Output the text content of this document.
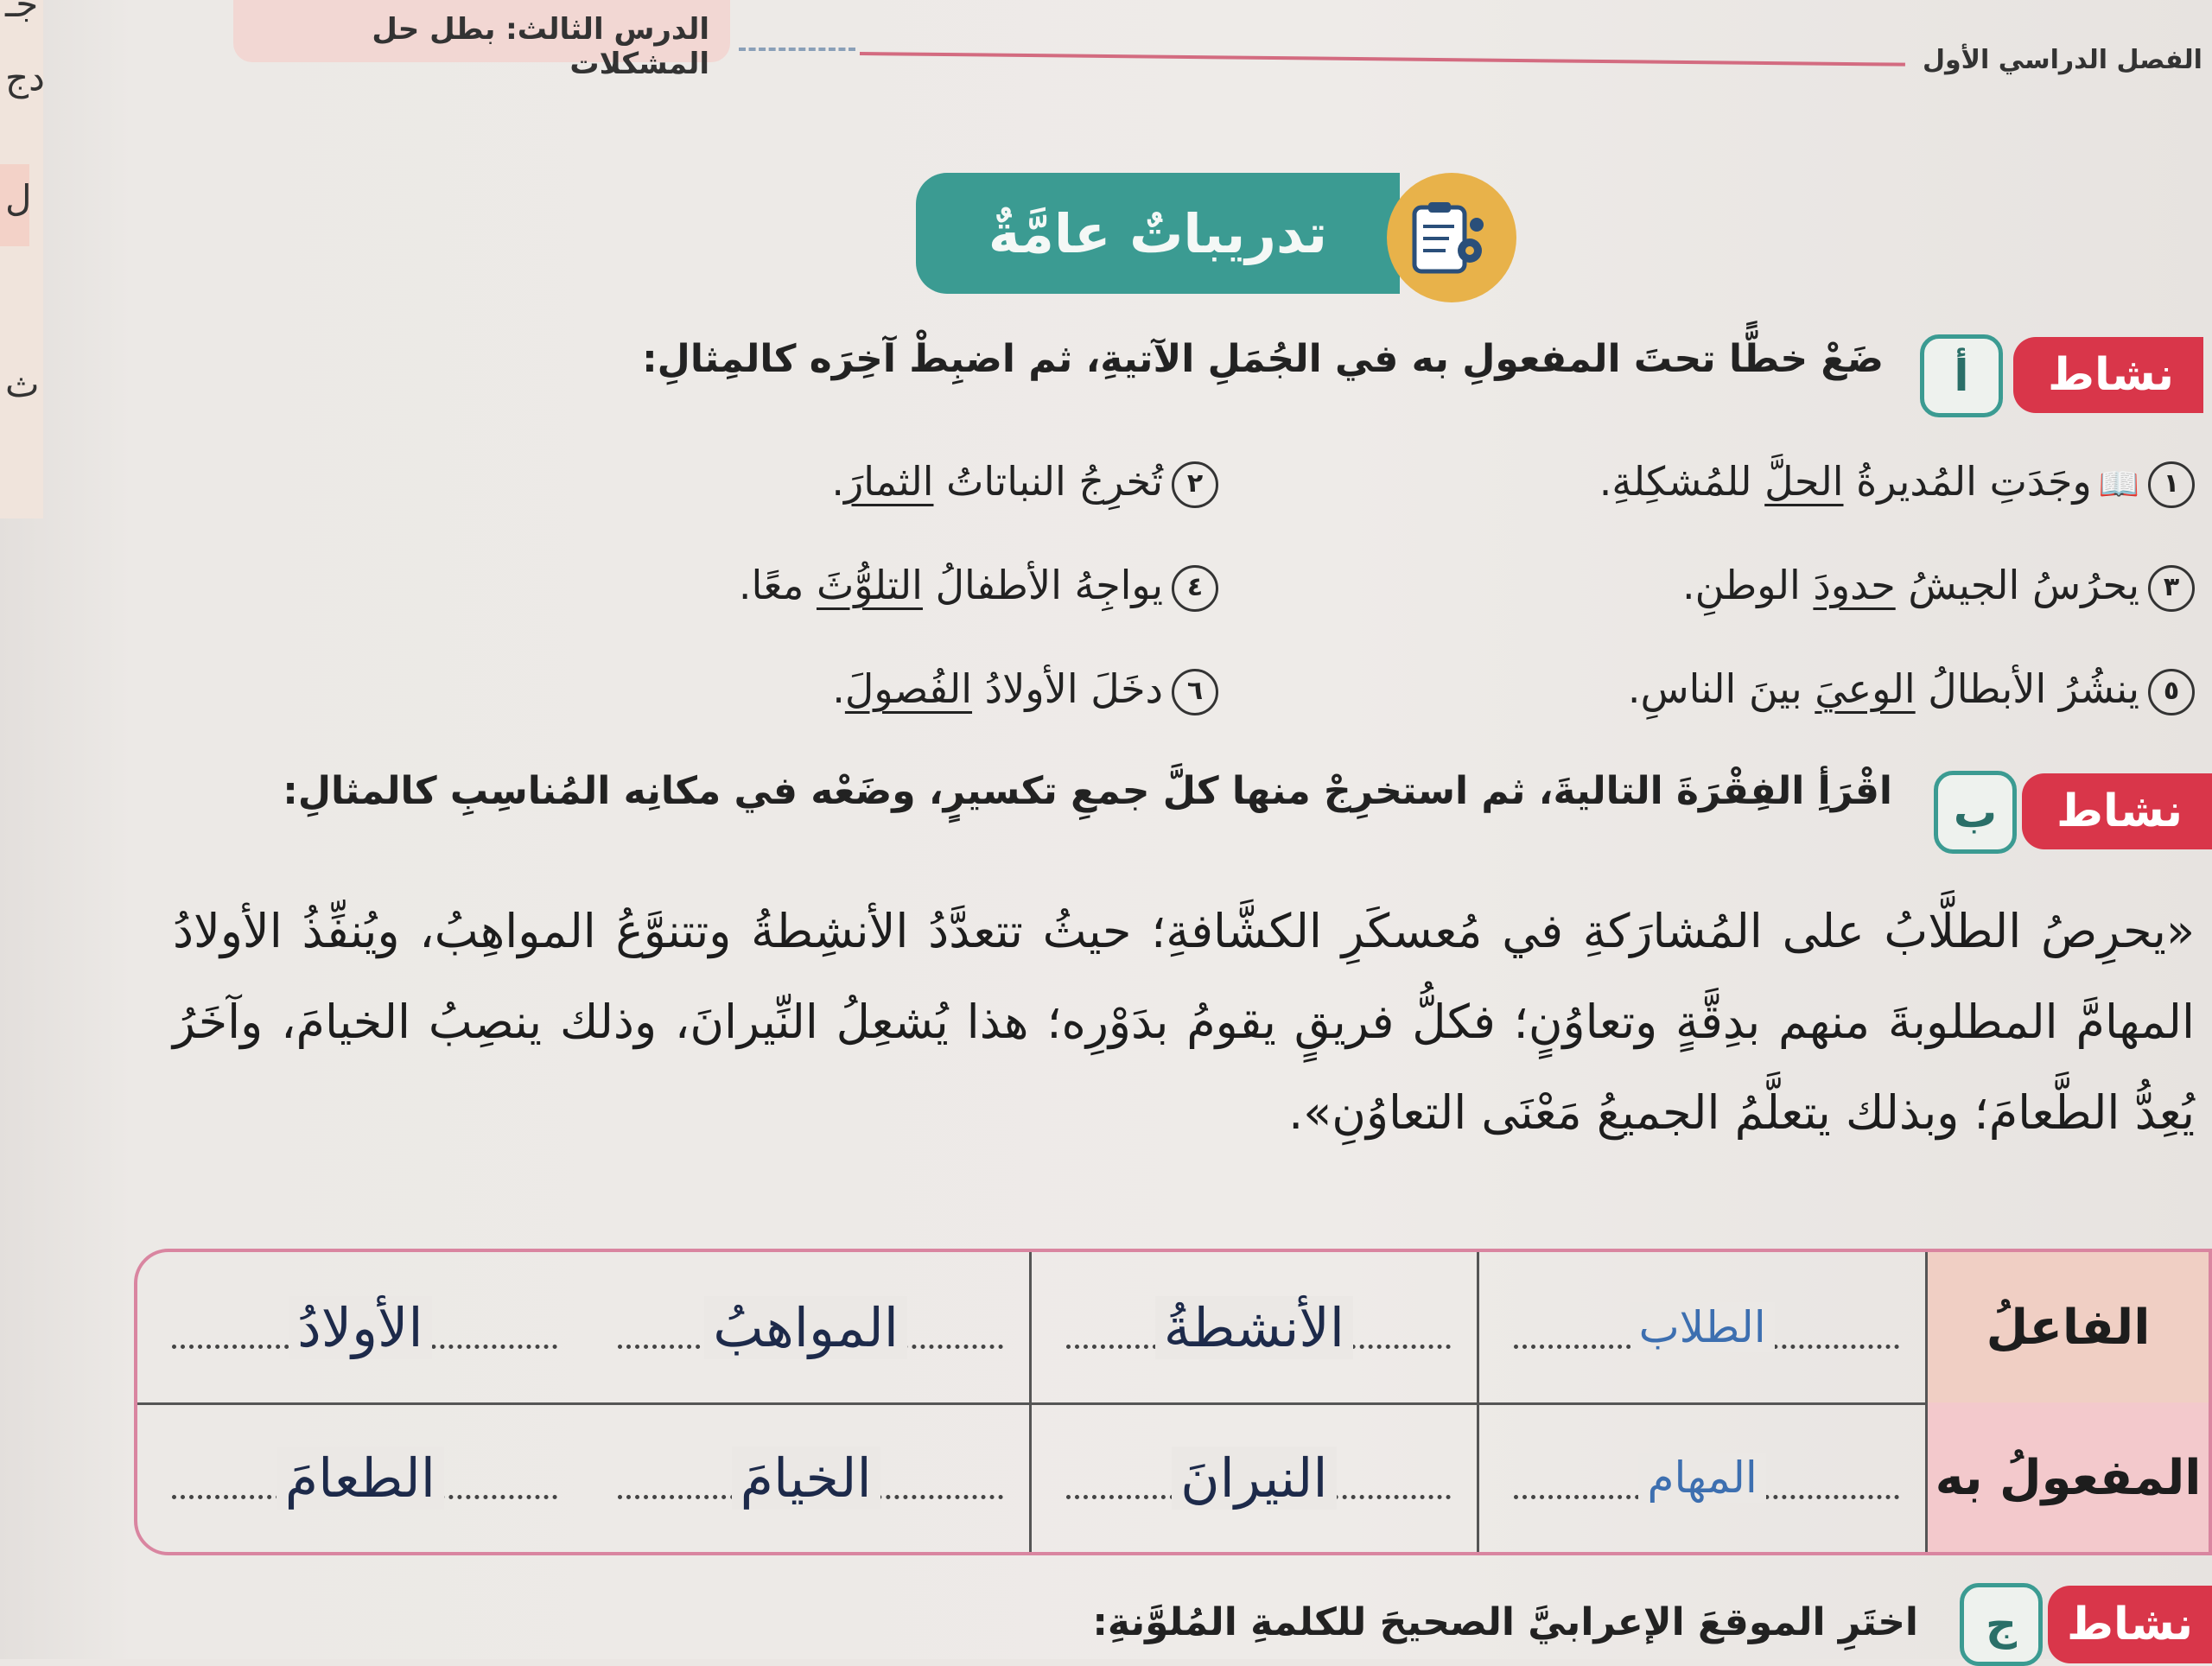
جـ
دج
ل
ث
الدرس الثالث: بطل حل المشكلات	الفصل الدراسي الأول
تدريباتٌ عامَّةٌ
نشاط
أ
ضَعْ خطًّا تحتَ المفعولِ به في الجُمَلِ الآتيةِ، ثم اضبِطْ آخِرَه كالمِثالِ:
١📖وجَدَتِ المُديرةُ الحلَّ للمُشكِلةِ.
٢تُخرِجُ النباتاتُ الثمارَ.
٣يحرُسُ الجيشُ حدودَ الوطنِ.
٤يواجِهُ الأطفالُ التلوُّثَ معًا.
٥ينشُرُ الأبطالُ الوعيَ بينَ الناسِ.
٦دخَلَ الأولادُ الفُصولَ.
نشاط
ب
اقْرَأِ الفِقْرَةَ التاليةَ، ثم استخرِجْ منها كلَّ جمعِ تكسيرٍ، وضَعْه في مكانِه المُناسِبِ كالمثالِ:
«يحرِصُ الطلَّابُ على المُشارَكةِ في مُعسكَرِ الكشَّافةِ؛ حيثُ تتعدَّدُ الأنشِطةُ وتتنوَّعُ المواهِبُ، ويُنفِّذُ الأولادُ المهامَّ المطلوبةَ منهم بدِقَّةٍ وتعاوُنٍ؛ فكلُّ فريقٍ يقومُ بدَوْرِه؛ هذا يُشعِلُ النِّيرانَ، وذلك ينصِبُ الخيامَ، وآخَرُ يُعِدُّ الطَّعامَ؛ وبذلك يتعلَّمُ الجميعُ مَعْنَى التعاوُنِ».
الفاعلُ
الطلاب
الأنشطةُ
المواهبُ
الأولادُ
المفعولُ به
المهام
النيرانَ
الخيامَ
الطعامَ
نشاط
ج
اختَرِ الموقعَ الإعرابيَّ الصحيحَ للكلمةِ المُلوَّنةِ:
